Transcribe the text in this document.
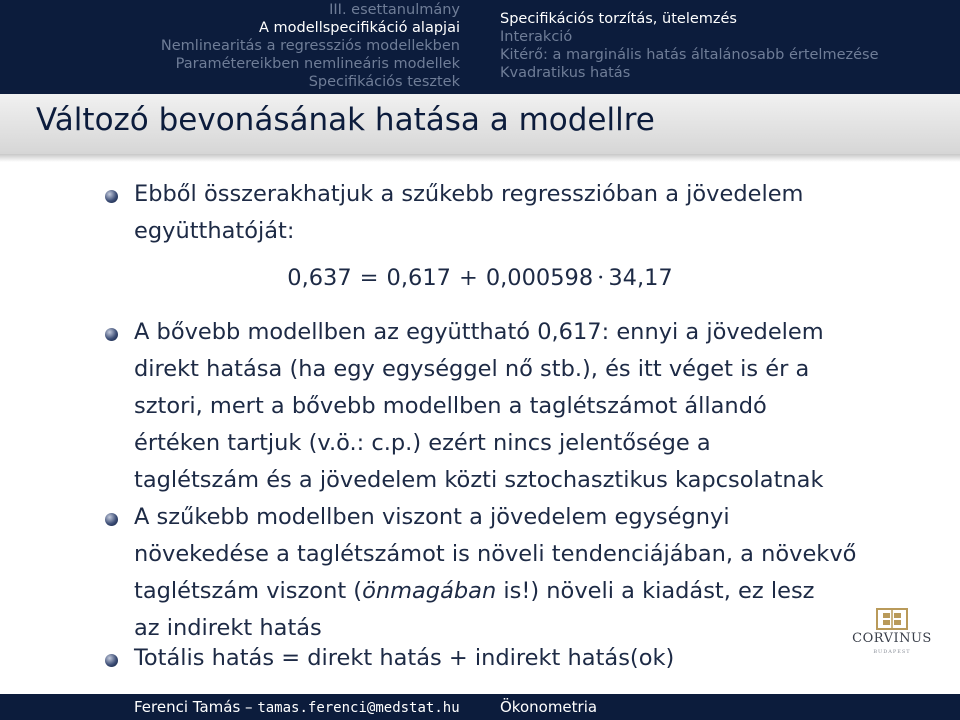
III. esettanulmány
A modellspecifikáció alapjai
Nemlinearitás a regressziós modellekben
Paramétereikben nemlineáris modellek
Specifikációs tesztek
Specifikációs torzítás, ütelemzés
Interakció
Kitérő: a marginális hatás általánosabb értelmezése
Kvadratikus hatás
Változó bevonásának hatása a modellre
Ebből összerakhatjuk a szűkebb regresszióban a jövedelem
együtthatóját:
0,637 = 0,617 + 0,000598 · 34,17
A bővebb modellben az együttható 0,617: ennyi a jövedelem
direkt hatása (ha egy egységgel nő stb.), és itt véget is ér a
sztori, mert a bővebb modellben a taglétszámot állandó
értéken tartjuk (v.ö.: c.p.) ezért nincs jelentősége a
taglétszám és a jövedelem közti sztochasztikus kapcsolatnak
A szűkebb modellben viszont a jövedelem egységnyi
növekedése a taglétszámot is növeli tendenciájában, a növekvő
taglétszám viszont (önmagában is!) növeli a kiadást, ez lesz
az indirekt hatás
Totális hatás = direkt hatás + indirekt hatás(ok)
CORVINUS
BUDAPEST
Ferenci Tamás – tamas.ferenci@medstat.hu	Ökonometria
